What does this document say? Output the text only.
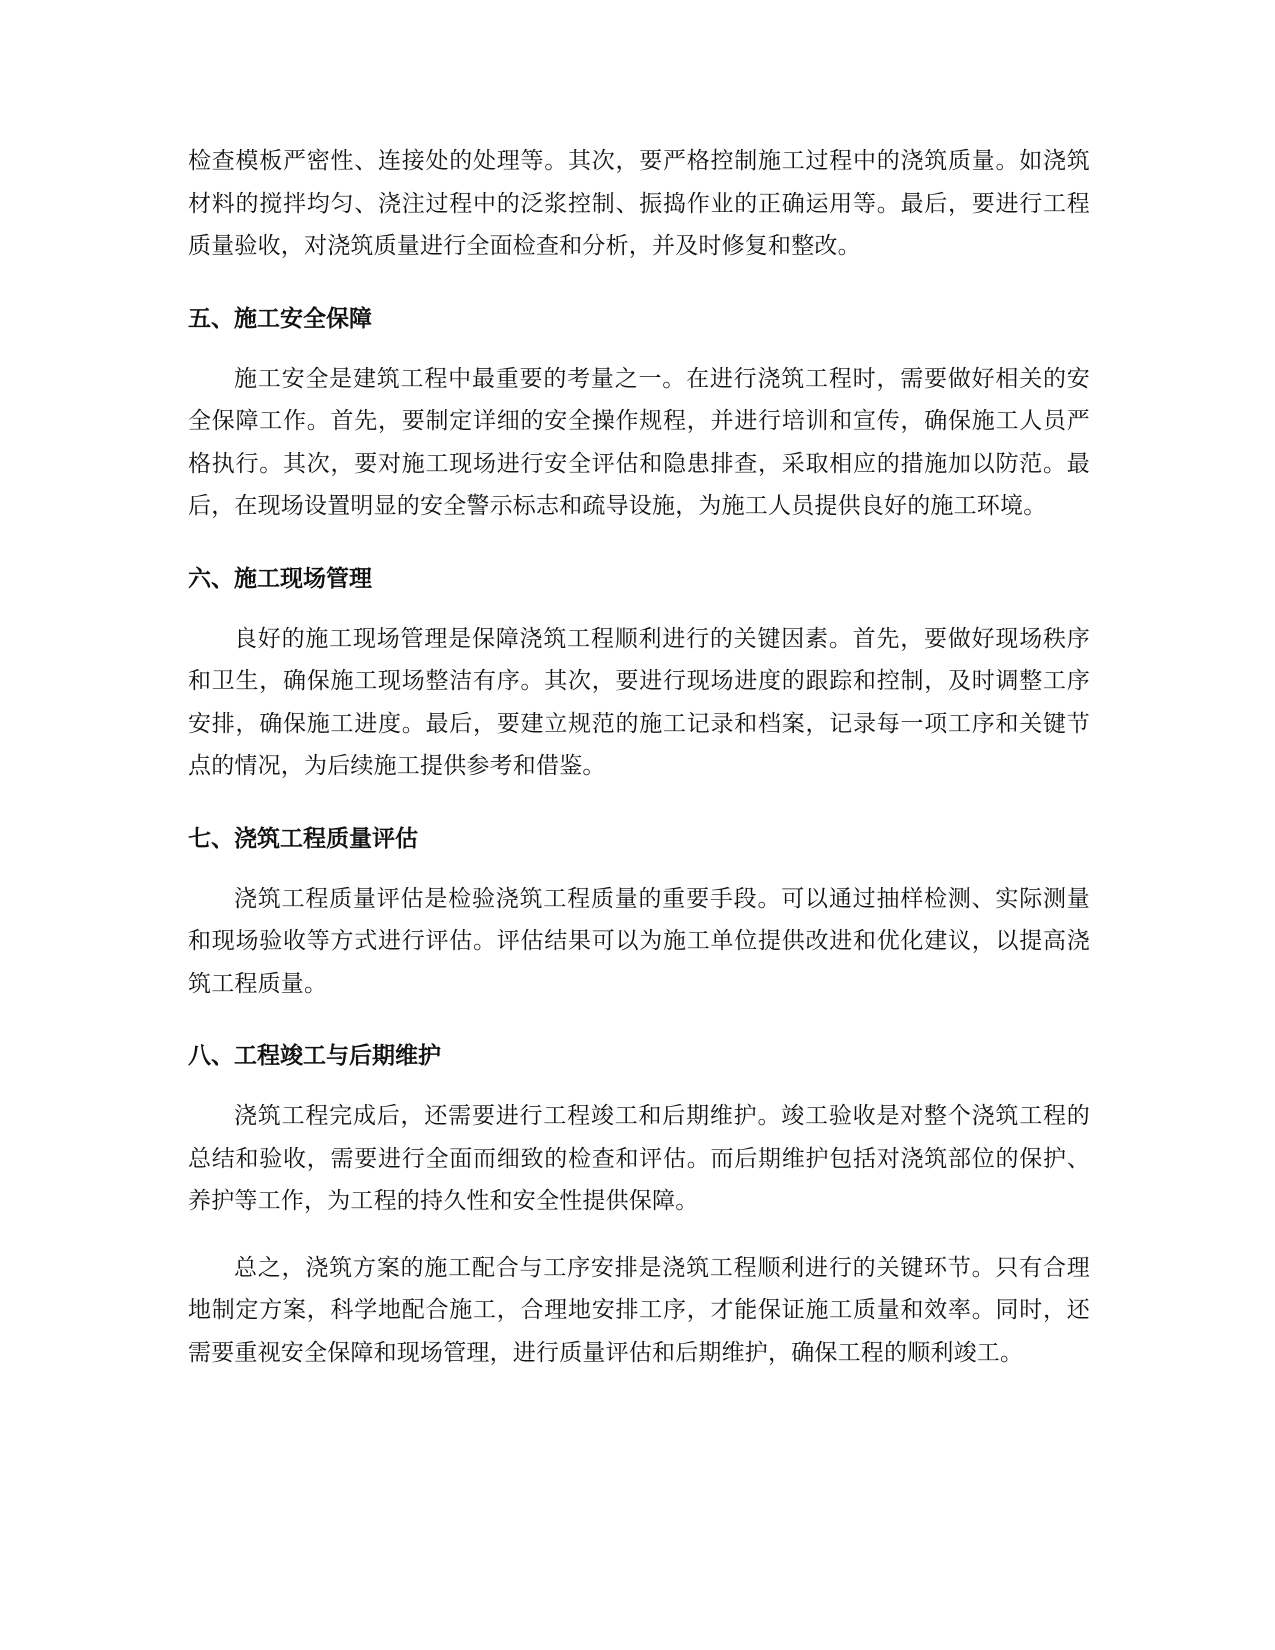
检查模板严密性、连接处的处理等。其次，要严格控制施工过程中的浇筑质量。如浇筑材料的搅拌均匀、浇注过程中的泛浆控制、振捣作业的正确运用等。最后，要进行工程质量验收，对浇筑质量进行全面检查和分析，并及时修复和整改。

五、施工安全保障

施工安全是建筑工程中最重要的考量之一。在进行浇筑工程时，需要做好相关的安全保障工作。首先，要制定详细的安全操作规程，并进行培训和宣传，确保施工人员严格执行。其次，要对施工现场进行安全评估和隐患排查，采取相应的措施加以防范。最后，在现场设置明显的安全警示标志和疏导设施，为施工人员提供良好的施工环境。

六、施工现场管理

良好的施工现场管理是保障浇筑工程顺利进行的关键因素。首先，要做好现场秩序和卫生，确保施工现场整洁有序。其次，要进行现场进度的跟踪和控制，及时调整工序安排，确保施工进度。最后，要建立规范的施工记录和档案，记录每一项工序和关键节点的情况，为后续施工提供参考和借鉴。

七、浇筑工程质量评估

浇筑工程质量评估是检验浇筑工程质量的重要手段。可以通过抽样检测、实际测量和现场验收等方式进行评估。评估结果可以为施工单位提供改进和优化建议，以提高浇筑工程质量。

八、工程竣工与后期维护

浇筑工程完成后，还需要进行工程竣工和后期维护。竣工验收是对整个浇筑工程的总结和验收，需要进行全面而细致的检查和评估。而后期维护包括对浇筑部位的保护、养护等工作，为工程的持久性和安全性提供保障。

总之，浇筑方案的施工配合与工序安排是浇筑工程顺利进行的关键环节。只有合理地制定方案，科学地配合施工，合理地安排工序，才能保证施工质量和效率。同时，还需要重视安全保障和现场管理，进行质量评估和后期维护，确保工程的顺利竣工。
